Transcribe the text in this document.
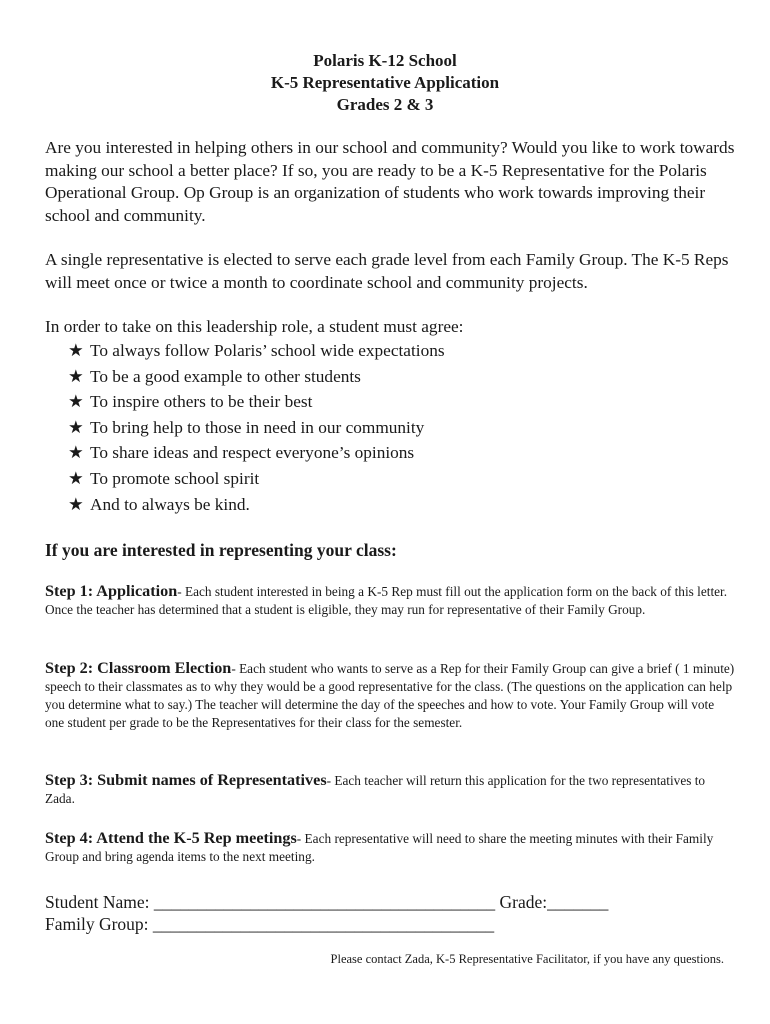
Polaris K-12 School
K-5 Representative Application
Grades 2 & 3
Are you interested in helping others in our school and community? Would you like to work towards making our school a better place? If so, you are ready to be a K-5 Representative for the Polaris Operational Group. Op Group is an organization of students who work towards improving their school and community.
A single representative is elected to serve each grade level from each Family Group. The K-5 Reps will meet once or twice a month to coordinate school and community projects.
In order to take on this leadership role, a student must agree:
★ To always follow Polaris’ school wide expectations
★ To be a good example to other students
★ To inspire others to be their best
★ To bring help to those in need in our community
★ To share ideas and respect everyone’s opinions
★ To promote school spirit
★ And to always be kind.
If you are interested in representing your class:
Step 1: Application- Each student interested in being a K-5 Rep must fill out the application form on the back of this letter. Once the teacher has determined that a student is eligible, they may run for representative of their Family Group.
Step 2: Classroom Election- Each student who wants to serve as a Rep for their Family Group can give a brief ( 1 minute) speech to their classmates as to why they would be a good representative for the class. (The questions on the application can help you determine what to say.) The teacher will determine the day of the speeches and how to vote. Your Family Group will vote one student per grade to be the Representatives for their class for the semester.
Step 3: Submit names of Representatives- Each teacher will return this application for the two representatives to Zada.
Step 4: Attend the K-5 Rep meetings- Each representative will need to share the meeting minutes with their Family Group and bring agenda items to the next meeting.
Student Name: _______________________________________ Grade:_______
Family Group: _______________________________________
Please contact Zada, K-5 Representative Facilitator, if you have any questions.
